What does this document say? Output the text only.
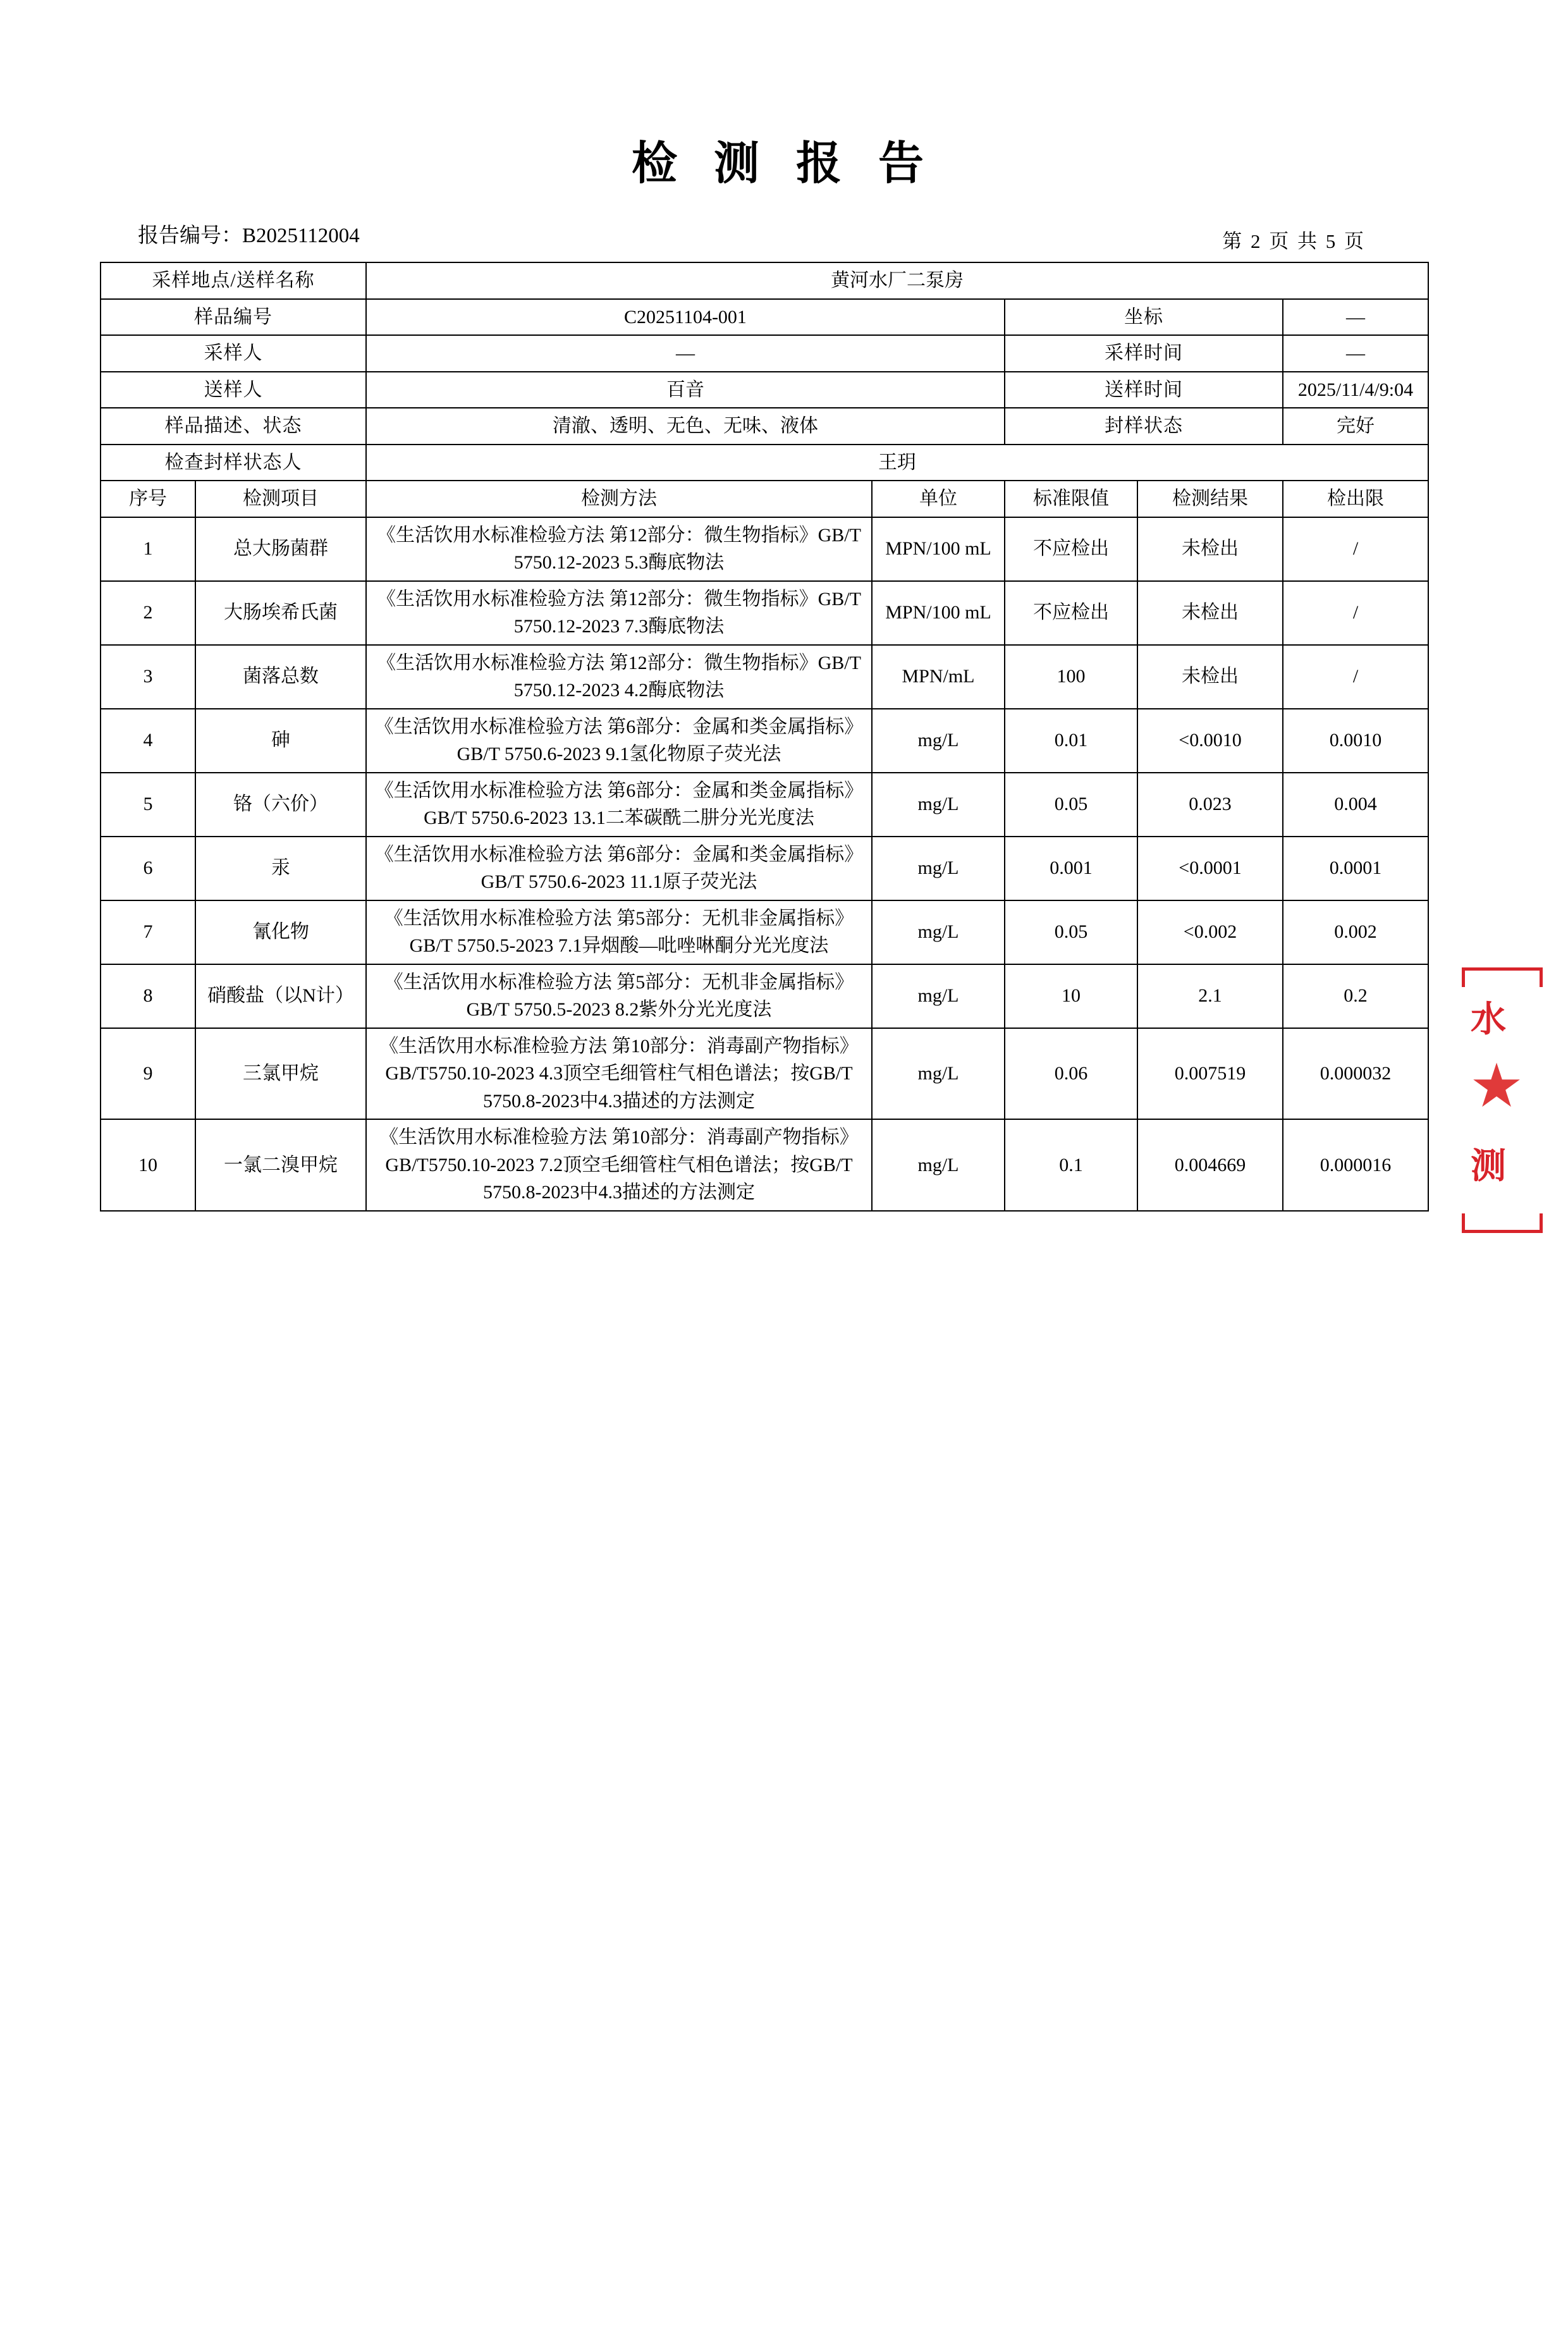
检 测 报 告
报告编号：B2025112004	第 2 页 共 5 页
采样地点/送样名称		黄河水厂二泵房				
样品编号		C20251104-001		坐标		—
采样人		—		采样时间		—
送样人		百音		送样时间		2025/11/4/9:04
样品描述、状态		清澈、透明、无色、无味、液体		封样状态		完好
检查封样状态人		王玥				
序号	检测项目	检测方法	单位	标准限值	检测结果	检出限
1	总大肠菌群	《生活饮用水标准检验方法 第12部分：微生物指标》GB/T 5750.12-2023 5.3酶底物法	MPN/100 mL	不应检出	未检出	/
2	大肠埃希氏菌	《生活饮用水标准检验方法 第12部分：微生物指标》GB/T 5750.12-2023 7.3酶底物法	MPN/100 mL	不应检出	未检出	/
3	菌落总数	《生活饮用水标准检验方法 第12部分：微生物指标》GB/T 5750.12-2023 4.2酶底物法	MPN/mL	100	未检出	/
4	砷	《生活饮用水标准检验方法 第6部分：金属和类金属指标》GB/T 5750.6-2023 9.1氢化物原子荧光法	mg/L	0.01	<0.0010	0.0010
5	铬（六价）	《生活饮用水标准检验方法 第6部分：金属和类金属指标》GB/T 5750.6-2023 13.1二苯碳酰二肼分光光度法	mg/L	0.05	0.023	0.004
6	汞	《生活饮用水标准检验方法 第6部分：金属和类金属指标》GB/T 5750.6-2023 11.1原子荧光法	mg/L	0.001	<0.0001	0.0001
7	氰化物	《生活饮用水标准检验方法 第5部分：无机非金属指标》GB/T 5750.5-2023 7.1异烟酸—吡唑啉酮分光光度法	mg/L	0.05	<0.002	0.002
8	硝酸盐（以N计）	《生活饮用水标准检验方法 第5部分：无机非金属指标》GB/T 5750.5-2023 8.2紫外分光光度法	mg/L	10	2.1	0.2
9	三氯甲烷	《生活饮用水标准检验方法 第10部分：消毒副产物指标》GB/T5750.10-2023 4.3顶空毛细管柱气相色谱法；按GB/T 5750.8-2023中4.3描述的方法测定	mg/L	0.06	0.007519	0.000032
10	一氯二溴甲烷	《生活饮用水标准检验方法 第10部分：消毒副产物指标》GB/T5750.10-2023 7.2顶空毛细管柱气相色谱法；按GB/T 5750.8-2023中4.3描述的方法测定	mg/L	0.1	0.004669	0.000016
水
★
测
